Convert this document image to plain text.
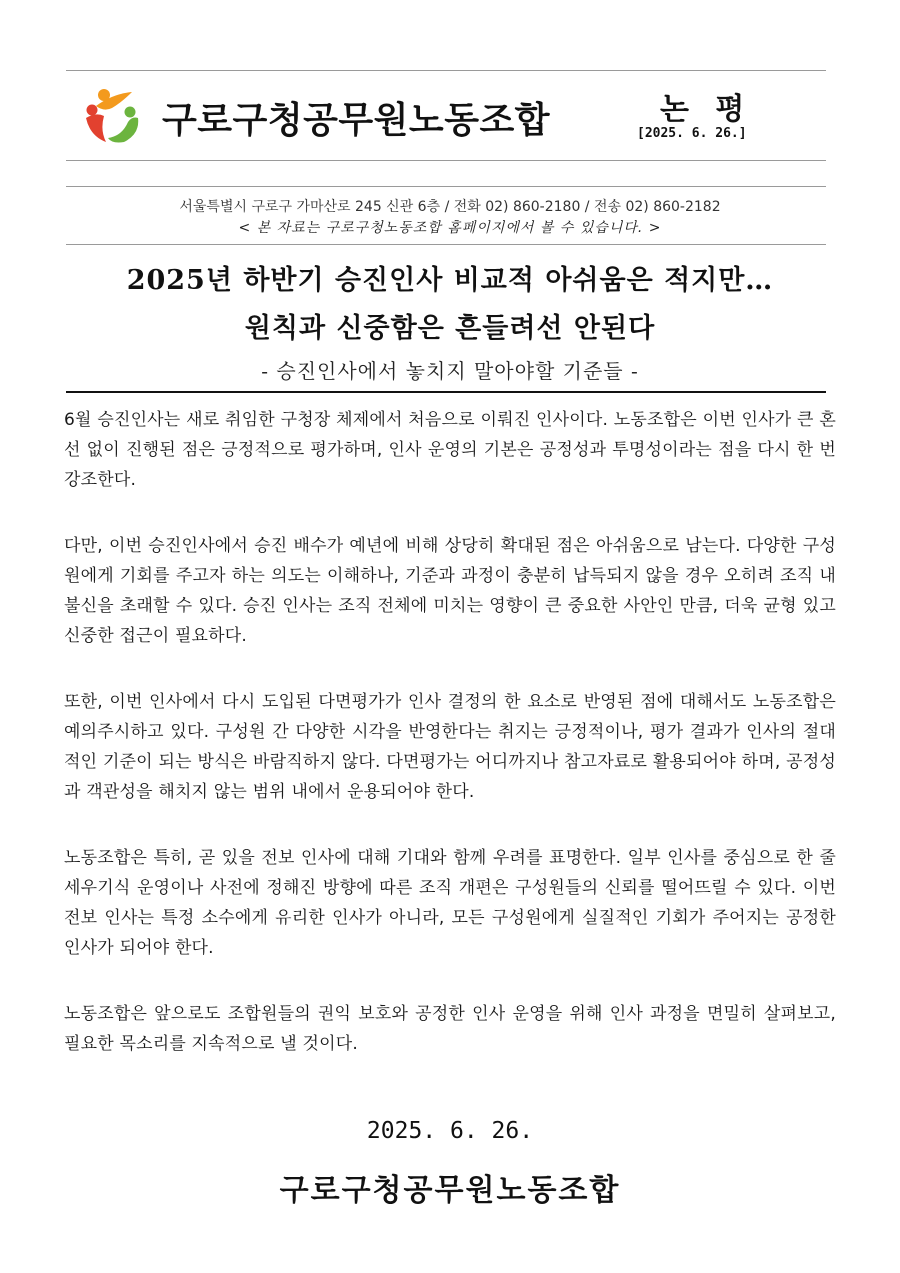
구로구청공무원노동조합	논 평
[2025. 6. 26.]
서울특별시 구로구 가마산로 245 신관 6층 / 전화 02) 860-2180 / 전송 02) 860-2182
< 본 자료는 구로구청노동조합 홈페이지에서 볼 수 있습니다. >
2025년 하반기 승진인사 비교적 아쉬움은 적지만…
원칙과 신중함은 흔들려선 안된다
- 승진인사에서 놓치지 말아야할 기준들 -

6월 승진인사는 새로 취임한 구청장 체제에서 처음으로 이뤄진 인사이다. 노동조합은 이번 인사가 큰 혼선 없이 진행된 점은 긍정적으로 평가하며, 인사 운영의 기본은 공정성과 투명성이라는 점을 다시 한 번 강조한다.

다만, 이번 승진인사에서 승진 배수가 예년에 비해 상당히 확대된 점은 아쉬움으로 남는다. 다양한 구성원에게 기회를 주고자 하는 의도는 이해하나, 기준과 과정이 충분히 납득되지 않을 경우 오히려 조직 내 불신을 초래할 수 있다. 승진 인사는 조직 전체에 미치는 영향이 큰 중요한 사안인 만큼, 더욱 균형 있고 신중한 접근이 필요하다.

또한, 이번 인사에서 다시 도입된 다면평가가 인사 결정의 한 요소로 반영된 점에 대해서도 노동조합은 예의주시하고 있다. 구성원 간 다양한 시각을 반영한다는 취지는 긍정적이나, 평가 결과가 인사의 절대적인 기준이 되는 방식은 바람직하지 않다. 다면평가는 어디까지나 참고자료로 활용되어야 하며, 공정성과 객관성을 해치지 않는 범위 내에서 운용되어야 한다.

노동조합은 특히, 곧 있을 전보 인사에 대해 기대와 함께 우려를 표명한다. 일부 인사를 중심으로 한 줄 세우기식 운영이나 사전에 정해진 방향에 따른 조직 개편은 구성원들의 신뢰를 떨어뜨릴 수 있다. 이번 전보 인사는 특정 소수에게 유리한 인사가 아니라, 모든 구성원에게 실질적인 기회가 주어지는 공정한 인사가 되어야 한다.

노동조합은 앞으로도 조합원들의 권익 보호와 공정한 인사 운영을 위해 인사 과정을 면밀히 살펴보고, 필요한 목소리를 지속적으로 낼 것이다.

2025. 6. 26.
구로구청공무원노동조합
